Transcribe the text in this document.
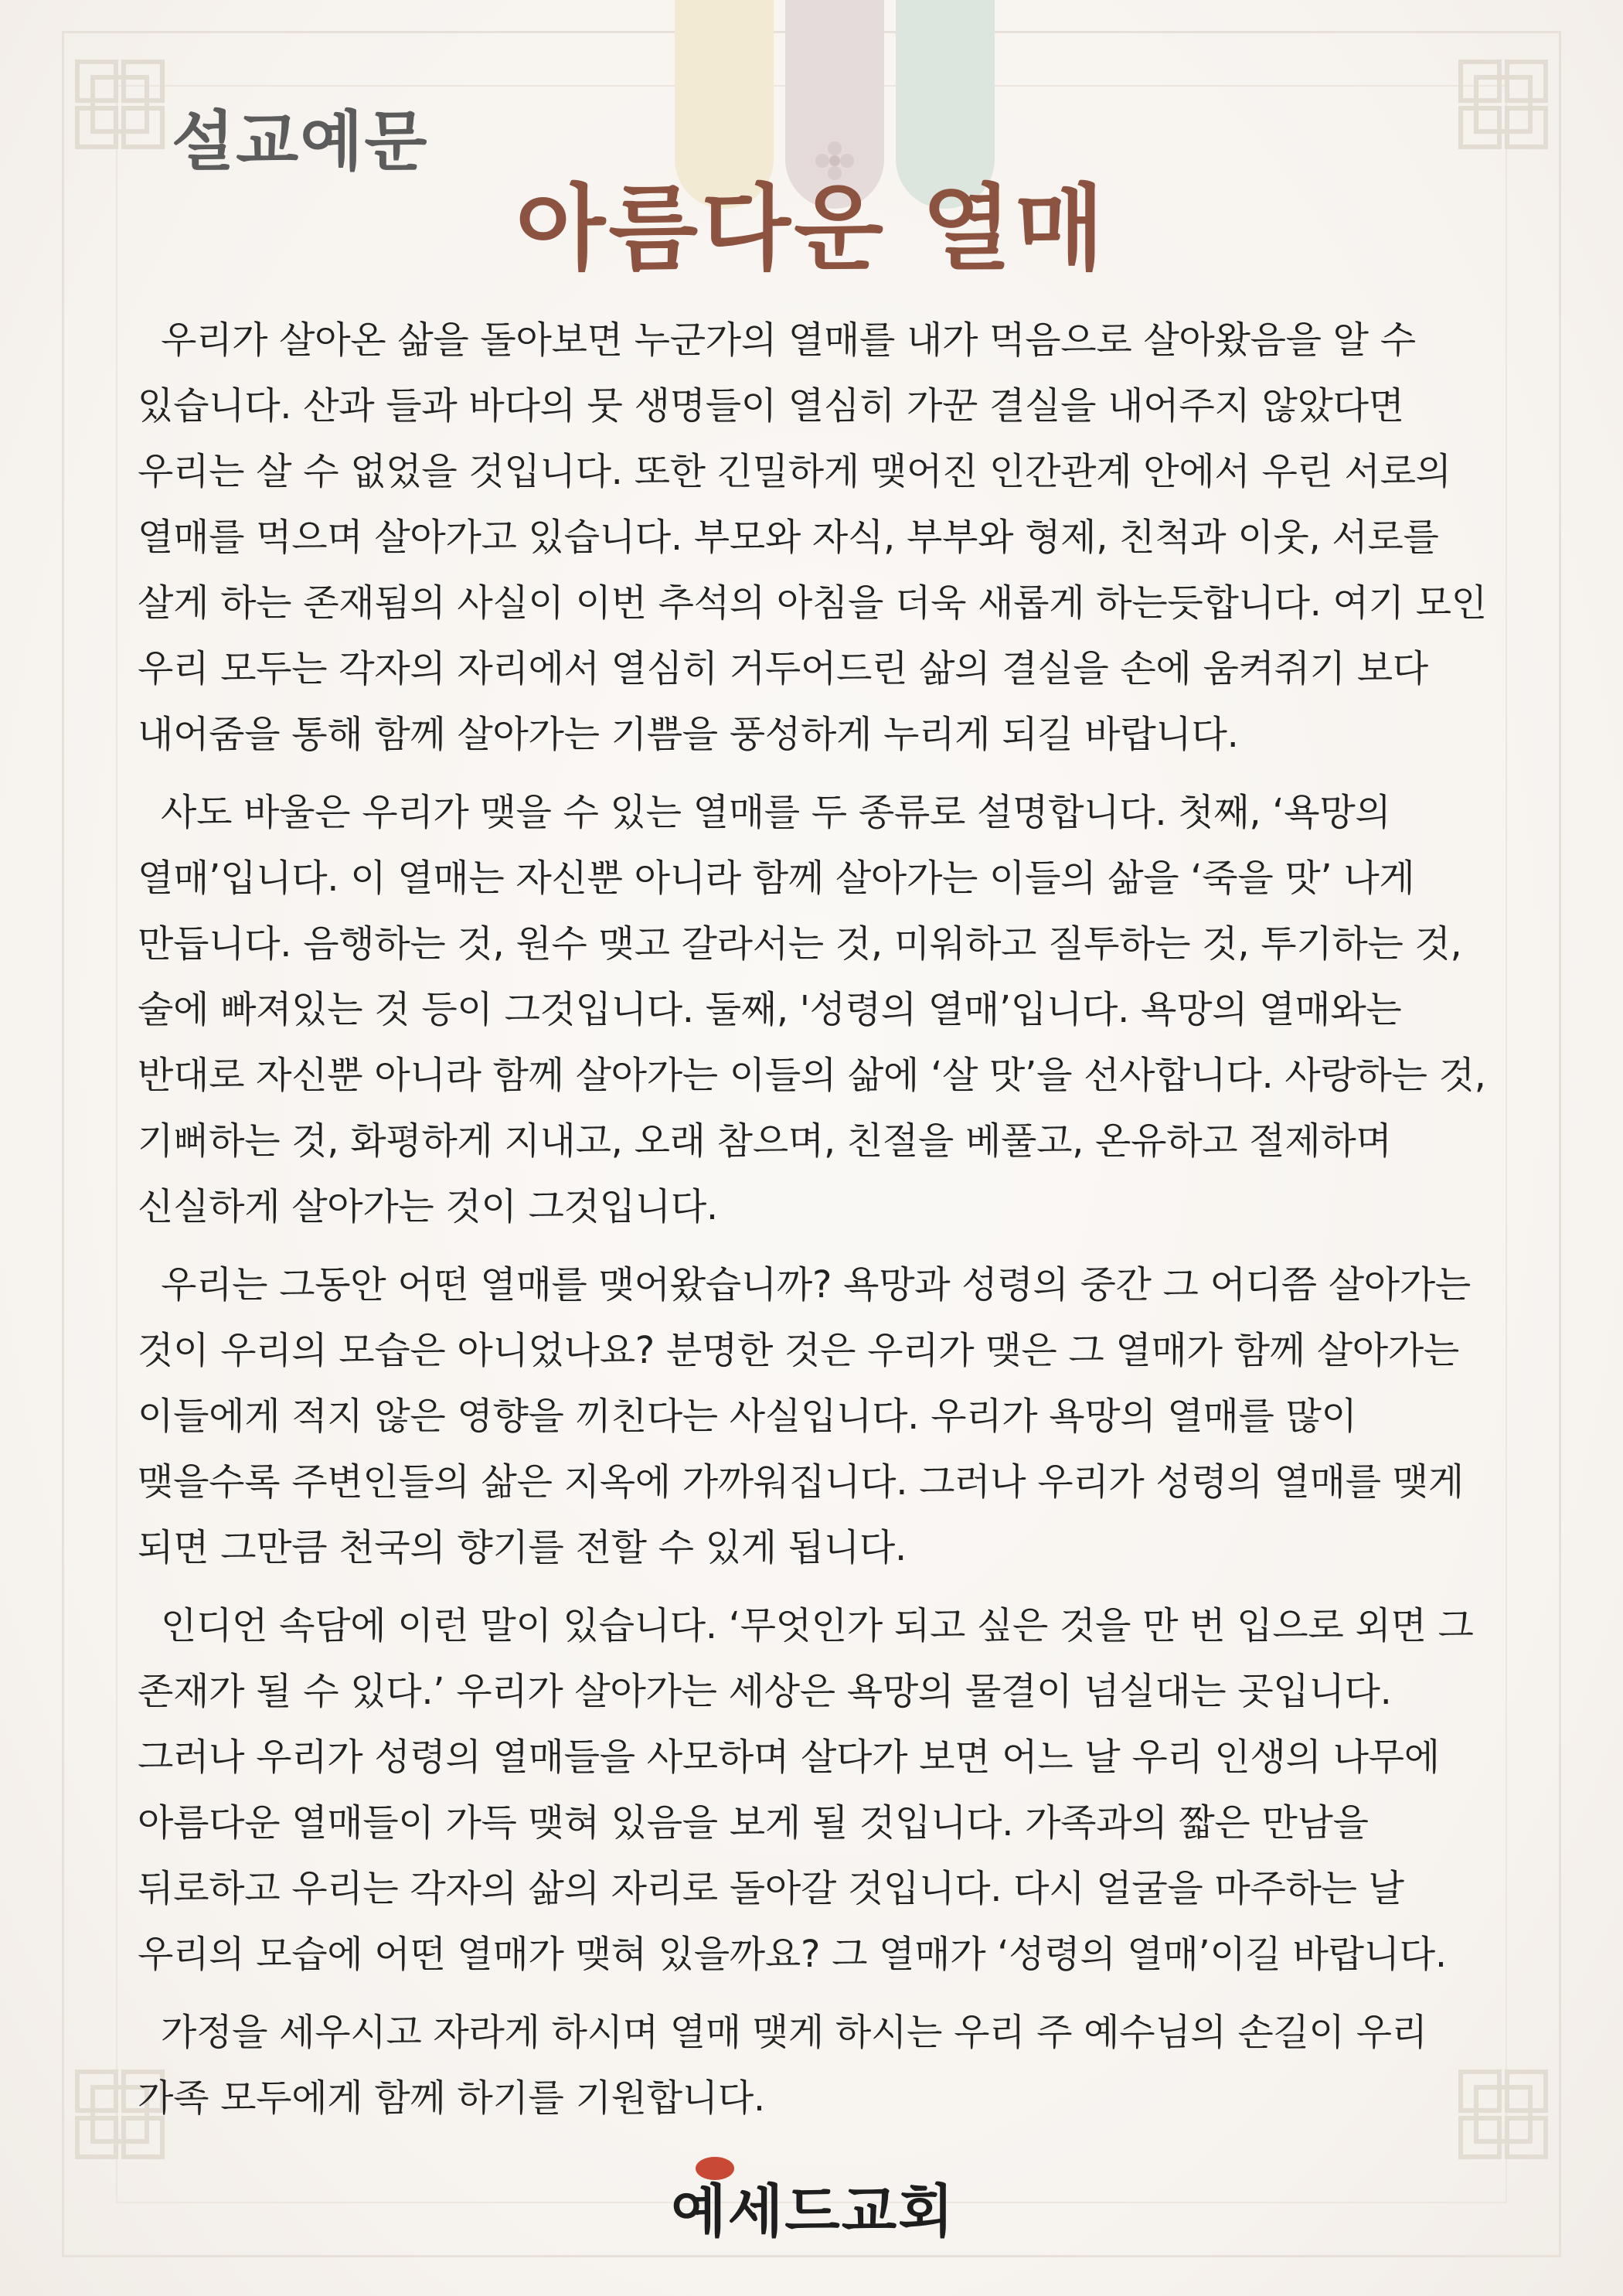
설교예문
아름다운 열매

우리가 살아온 삶을 돌아보면 누군가의 열매를 내가 먹음으로 살아왔음을 알 수 있습니다. 산과 들과 바다의 뭇 생명들이 열심히 가꾼 결실을 내어주지 않았다면 우리는 살 수 없었을 것입니다. 또한 긴밀하게 맺어진 인간관계 안에서 우린 서로의 열매를 먹으며 살아가고 있습니다. 부모와 자식, 부부와 형제, 친척과 이웃, 서로를 살게 하는 존재됨의 사실이 이번 추석의 아침을 더욱 새롭게 하는듯합니다. 여기 모인 우리 모두는 각자의 자리에서 열심히 거두어드린 삶의 결실을 손에 움켜쥐기 보다 내어줌을 통해 함께 살아가는 기쁨을 풍성하게 누리게 되길 바랍니다.

사도 바울은 우리가 맺을 수 있는 열매를 두 종류로 설명합니다. 첫째, ‘욕망의 열매’입니다. 이 열매는 자신뿐 아니라 함께 살아가는 이들의 삶을 ‘죽을 맛’ 나게 만듭니다. 음행하는 것, 원수 맺고 갈라서는 것, 미워하고 질투하는 것, 투기하는 것, 술에 빠져있는 것 등이 그것입니다. 둘째, '성령의 열매’입니다. 욕망의 열매와는 반대로 자신뿐 아니라 함께 살아가는 이들의 삶에 ‘살 맛’을 선사합니다. 사랑하는 것, 기뻐하는 것, 화평하게 지내고, 오래 참으며, 친절을 베풀고, 온유하고 절제하며 신실하게 살아가는 것이 그것입니다.

우리는 그동안 어떤 열매를 맺어왔습니까? 욕망과 성령의 중간 그 어디쯤 살아가는 것이 우리의 모습은 아니었나요? 분명한 것은 우리가 맺은 그 열매가 함께 살아가는 이들에게 적지 않은 영향을 끼친다는 사실입니다. 우리가 욕망의 열매를 많이 맺을수록 주변인들의 삶은 지옥에 가까워집니다. 그러나 우리가 성령의 열매를 맺게 되면 그만큼 천국의 향기를 전할 수 있게 됩니다.

인디언 속담에 이런 말이 있습니다. ‘무엇인가 되고 싶은 것을 만 번 입으로 외면 그 존재가 될 수 있다.’ 우리가 살아가는 세상은 욕망의 물결이 넘실대는 곳입니다. 그러나 우리가 성령의 열매들을 사모하며 살다가 보면 어느 날 우리 인생의 나무에 아름다운 열매들이 가득 맺혀 있음을 보게 될 것입니다. 가족과의 짧은 만남을 뒤로하고 우리는 각자의 삶의 자리로 돌아갈 것입니다. 다시 얼굴을 마주하는 날 우리의 모습에 어떤 열매가 맺혀 있을까요? 그 열매가 ‘성령의 열매’이길 바랍니다.

가정을 세우시고 자라게 하시며 열매 맺게 하시는 우리 주 예수님의 손길이 우리 가족 모두에게 함께 하기를 기원합니다.

예세드교회
